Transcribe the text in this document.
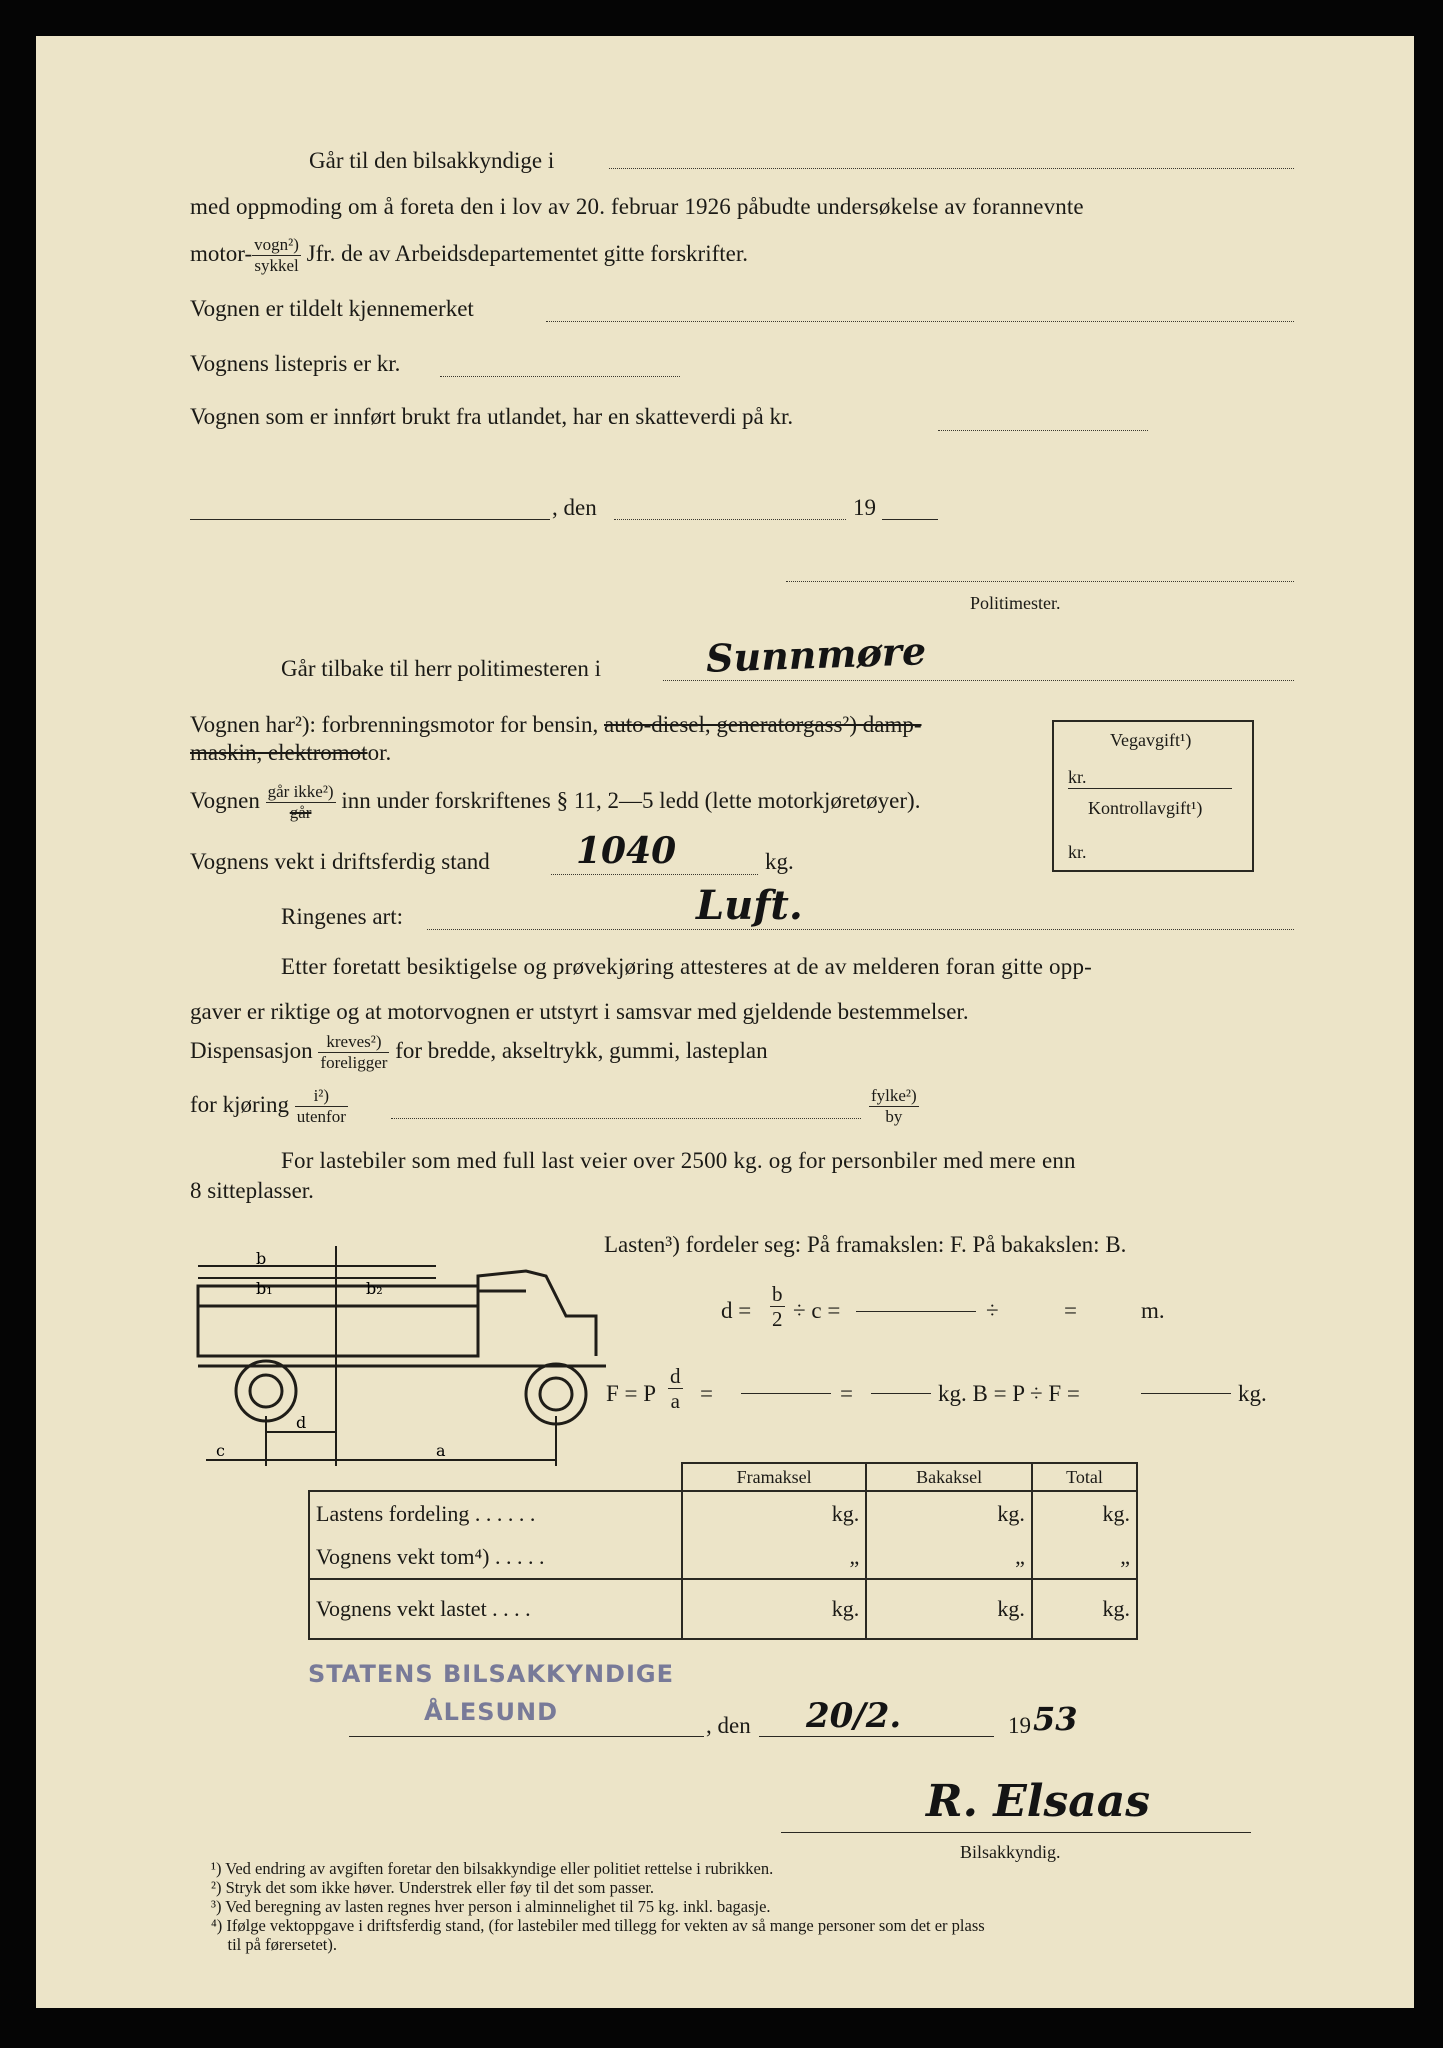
Går til den bilsakkyndige i
med oppmoding om å foreta den i lov av 20. februar 1926 påbudte undersøkelse av forannevnte
motor- $\frac{\text{vogn²)}}{\text{sykkel}}$ Jfr. de av Arbeidsdepartementet gitte forskrifter.
Vognen er tildelt kjennemerket
Vognens listepris er kr.
Vognen som er innført brukt fra utlandet, har en skatteverdi på kr.
, den	19
Politimester.
Går tilbake til herr politimesteren i	Sunnmøre
Vognen har²): forbrenningsmotor for bensin, auto-diesel, generatorgass²) damp-
maskin, elektromotor.
Vognen $\frac{\text{går ikke²)}}{\text{går}}$ inn under forskriftenes § 11, 2—5 ledd (lette motorkjøretøyer).
Vognens vekt i driftsferdig stand 1040	kg.
Ringenes art:	Luft.
Etter foretatt besiktigelse og prøvekjøring attesteres at de av melderen foran gitte opp-
gaver er riktige og at motorvognen er utstyrt i samsvar med gjeldende bestemmelser.
Dispensasjon $\frac{\text{kreves²)}}{\text{foreligger}}$ for bredde, akseltrykk, gummi, lasteplan
for kjøring $\frac{\text{i²)}}{\text{utenfor}}$	$\frac{\text{fylke²)}}{by}$
Vegavgift¹)
kr.
Kontrollavgift¹)
kr.
For lastebiler som med full last veier over 2500 kg. og for personbiler med mere enn
8 sitteplasser.
b
b₁	b₂
d
c	a
Lasten³) fordeler seg: På framakslen: F. På bakakslen: B.
$d = \frac{b}{2} \div c$ =	÷	=	m.
F = P $\frac{d}{a}$ =	=	kg. B = P ÷ F =	kg.
	Framaksel	Bakaksel	Total
Lastens fordeling . . . . . .	kg.	kg.	kg.
Vognens vekt tom⁴) . . . . .	„	„	„
Vognens vekt lastet . . . .	kg.	kg.	kg.
STATENS BILSAKKYNDIGE
ÅLESUND	, den 20/2.	19 53
R. Elsaas
Bilsakkyndig.
¹) Ved endring av avgiften foretar den bilsakkyndige eller politiet rettelse i rubrikken.
²) Stryk det som ikke høver. Understrek eller føy til det som passer.
³) Ved beregning av lasten regnes hver person i alminnelighet til 75 kg. inkl. bagasje.
⁴) Ifølge vektoppgave i driftsferdig stand, (for lastebiler med tillegg for vekten av så mange personer som det er plass
til på førersetet).
